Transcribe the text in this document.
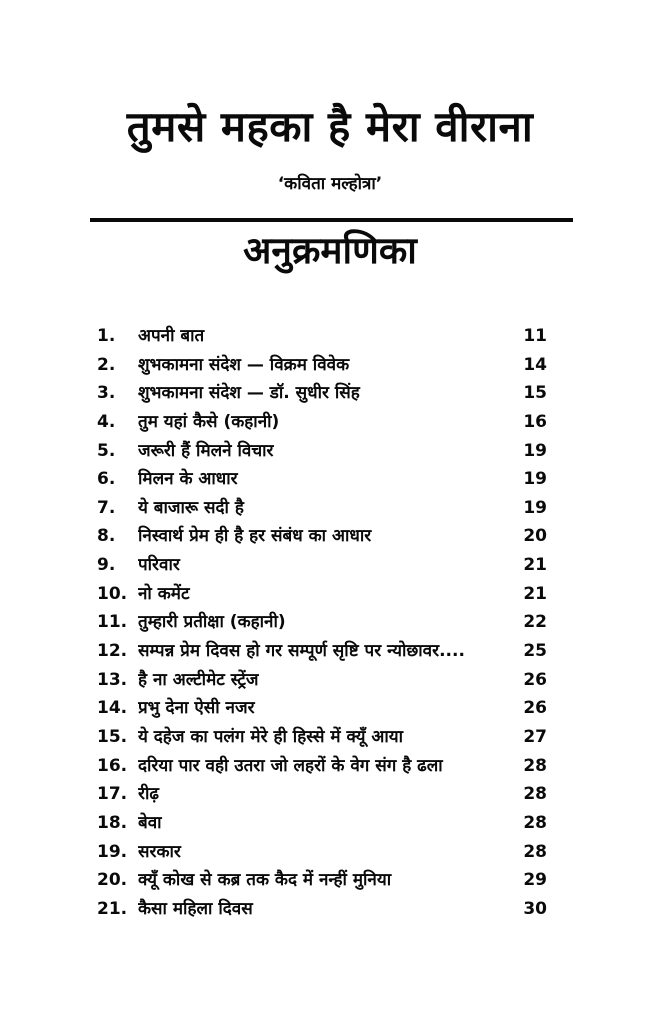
तुमसे महका है मेरा वीराना
‘कविता मल्होत्रा’
अनुक्रमणिका
1.	अपनी बात	11
2.	शुभकामना संदेश — विक्रम विवेक	14
3.	शुभकामना संदेश — डॉ. सुधीर सिंह	15
4.	तुम यहां कैसे (कहानी)	16
5.	जरूरी हैं मिलने विचार	19
6.	मिलन के आधार	19
7.	ये बाजारू सदी है	19
8.	निस्वार्थ प्रेम ही है हर संबंध का आधार	20
9.	परिवार	21
10. नो कमेंट	21
11. तुम्हारी प्रतीक्षा (कहानी)	22
12. सम्पन्न प्रेम दिवस हो गर सम्पूर्ण सृष्टि पर न्योछावर....	25
13. है ना अल्टीमेट स्ट्रेंज	26
14. प्रभु देना ऐसी नजर	26
15. ये दहेज का पलंग मेरे ही हिस्से में क्यूँ आया	27
16. दरिया पार वही उतरा जो लहरों के वेग संग है ढला	28
17. रीढ़	28
18. बेवा	28
19. सरकार	28
20. क्यूँ कोख से कब्र तक कैद में नन्हीं मुनिया	29
21. कैसा महिला दिवस	30
